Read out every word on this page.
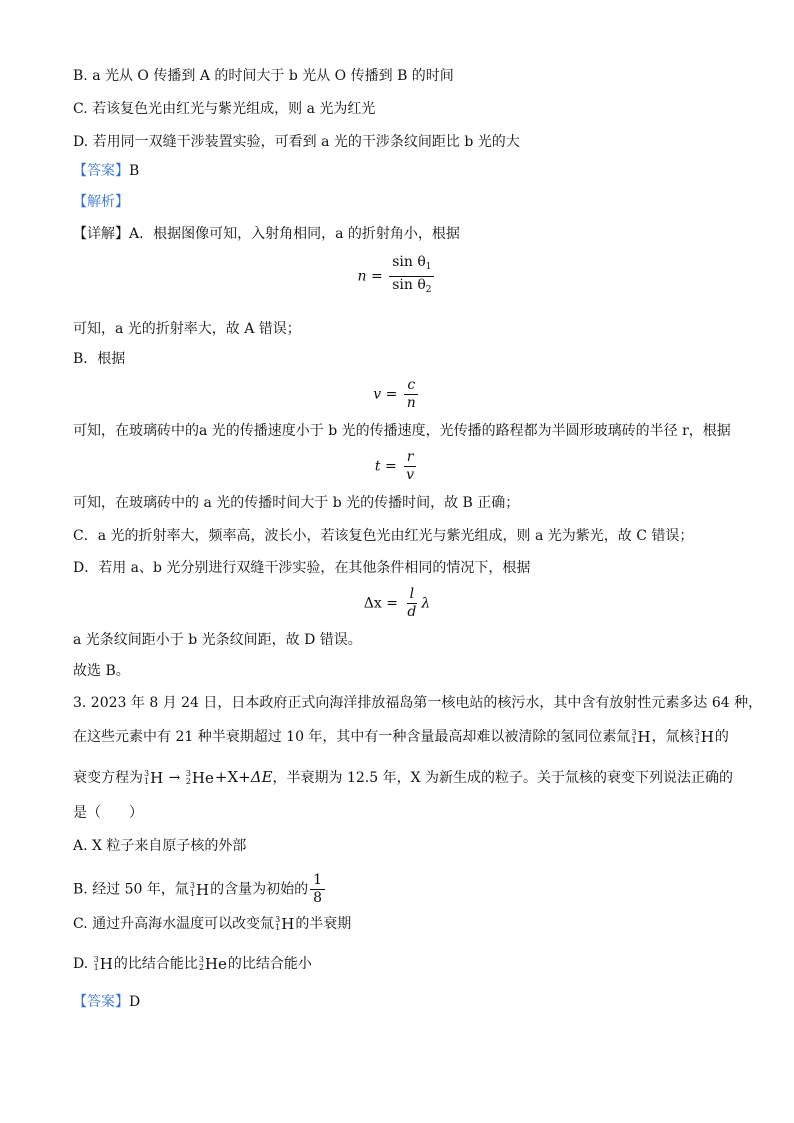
B. a 光从 O 传播到 A 的时间大于 b 光从 O 传播到 B 的时间
C. 若该复色光由红光与紫光组成，则 a 光为红光
D. 若用同一双缝干涉装置实验，可看到 a 光的干涉条纹间距比 b 光的大
【答案】B
【解析】
【详解】A．根据图像可知，入射角相同，a 的折射角小，根据
$n = \frac{\sin \theta_1}{\sin \theta_2}$
可知，a 光的折射率大，故 A 错误；
B．根据
$v = \frac{c}{n}$
可知，在玻璃砖中的a 光的传播速度小于 b 光的传播速度，光传播的路程都为半圆形玻璃砖的半径 r，根据
$t = \frac{r}{v}$
可知，在玻璃砖中的 a 光的传播时间大于 b 光的传播时间，故 B 正确；
C．a 光的折射率大，频率高，波长小，若该复色光由红光与紫光组成，则 a 光为紫光，故 C 错误；
D．若用 a、b 光分别进行双缝干涉实验，在其他条件相同的情况下，根据
$\Delta x = \frac{l}{d}$ λ
a 光条纹间距小于 b 光条纹间距，故 D 错误。
故选 B。
3. 2023 年 8 月 24 日，日本政府正式向海洋排放福岛第一核电站的核污水，其中含有放射性元素多达 64 种，
在这些元素中有 21 种半衰期超过 10 年，其中有一种含量最高却难以被清除的氢同位素氚 3
1 H ，氚核 3
1 H 的
衰变方程为 3
1 H → 3
2 He +X+ΔE，半衰期为 12.5 年，X 为新生成的粒子。关于氚核的衰变下列说法正确的
是（　　）
A. X 粒子来自原子核的外部
B. 经过 50 年，氚 3
1 H 的含量为初始的 $\frac{1}{8}$
C. 通过升高海水温度可以改变氚 3
1 H 的半衰期
D. 3
1 H 的比结合能比 3
2 He 的比结合能小
【答案】D
